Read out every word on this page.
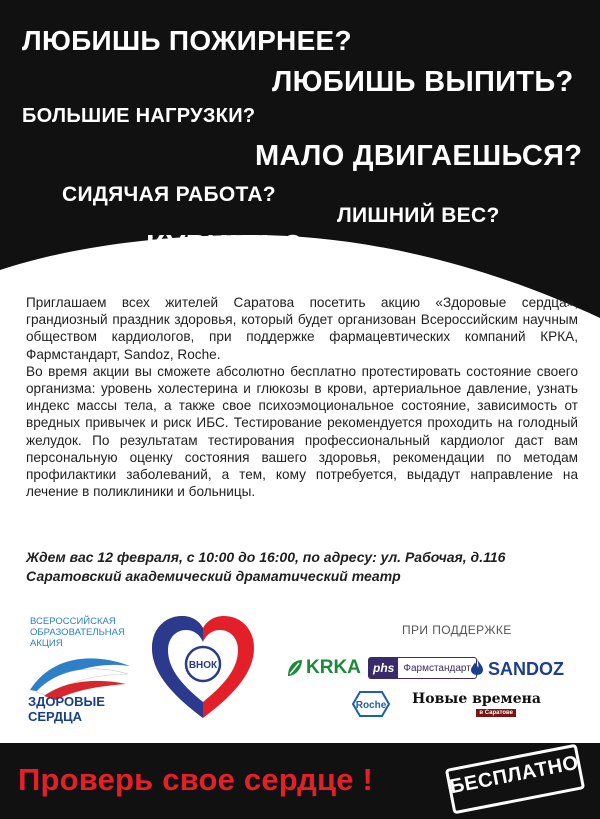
ЛЮБИШЬ ПОЖИРНЕЕ?
ЛЮБИШЬ ВЫПИТЬ?
БОЛЬШИЕ НАГРУЗКИ?
МАЛО ДВИГАЕШЬСЯ?
СИДЯЧАЯ РАБОТА?
ЛИШНИЙ ВЕС?
КУРИШЬ?

Приглашаем всех жителей Саратова посетить акцию «Здоровые сердца», грандиозный праздник здоровья, который будет организован Всероссийским научным обществом кардиологов, при поддержке фармацевтических компаний КРКА, Фармстандарт, Sandoz, Roche.

Во время акции вы сможете абсолютно бесплатно протестировать состояние своего организма: уровень холестерина и глюкозы в крови, артериальное давление, узнать индекс массы тела, а также свое психоэмоциональное состояние, зависимость от вредных привычек и риск ИБС. Тестирование рекомендуется проходить на голодный желудок. По результатам тестирования профессиональный кардиолог даст вам персональную оценку состояния вашего здоровья, рекомендации по методам профилактики заболеваний, а тем, кому потребуется, выдадут направление на лечение в поликлиники и больницы.

Ждем вас 12 февраля, с 10:00 до 16:00, по адресу: ул. Рабочая, д.116
Саратовский академический драматический театр
ВСЕРОССИЙСКАЯ ОБРАЗОВАТЕЛЬНАЯ АКЦИЯ
ЗДОРОВЫЕ
СЕРДЦА
ВНОК
ПРИ ПОДДЕРЖКЕ
KRKA	phs Фармстандарт SANDOZ
Roche Новые времена
в Саратове
Проверь свое сердце !	БЕСПЛАТНО
